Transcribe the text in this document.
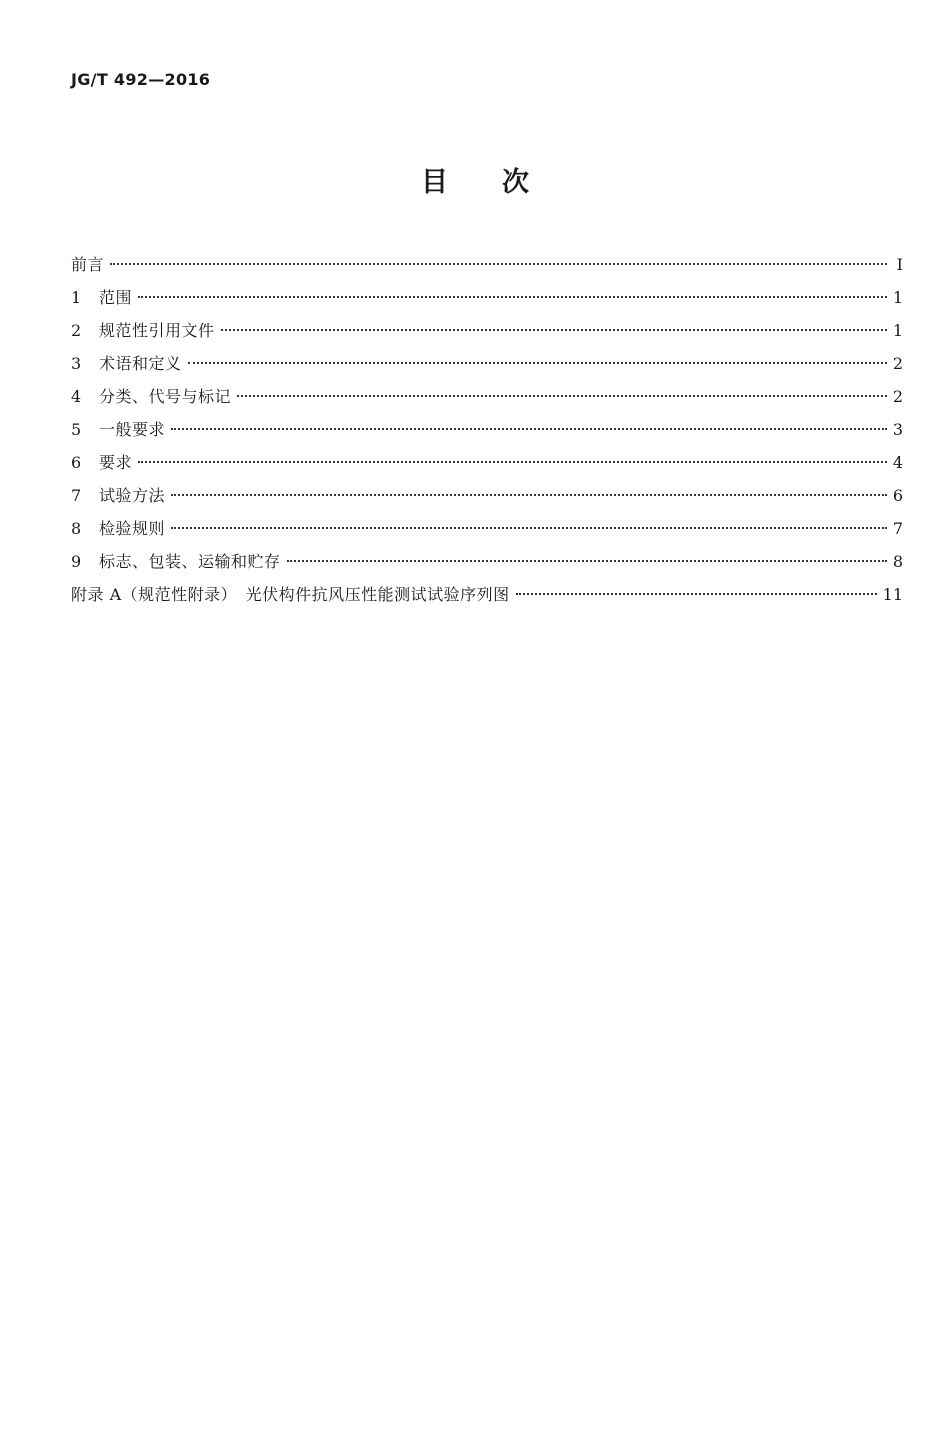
JG/T 492—2016
目次
前言	Ⅰ
1	范围	1
2	规范性引用文件	1
3	术语和定义	2
4	分类、代号与标记	2
5	一般要求	3
6	要求	4
7	试验方法	6
8	检验规则	7
9	标志、包装、运输和贮存	8
附录 A（规范性附录）　光伏构件抗风压性能测试试验序列图	11
